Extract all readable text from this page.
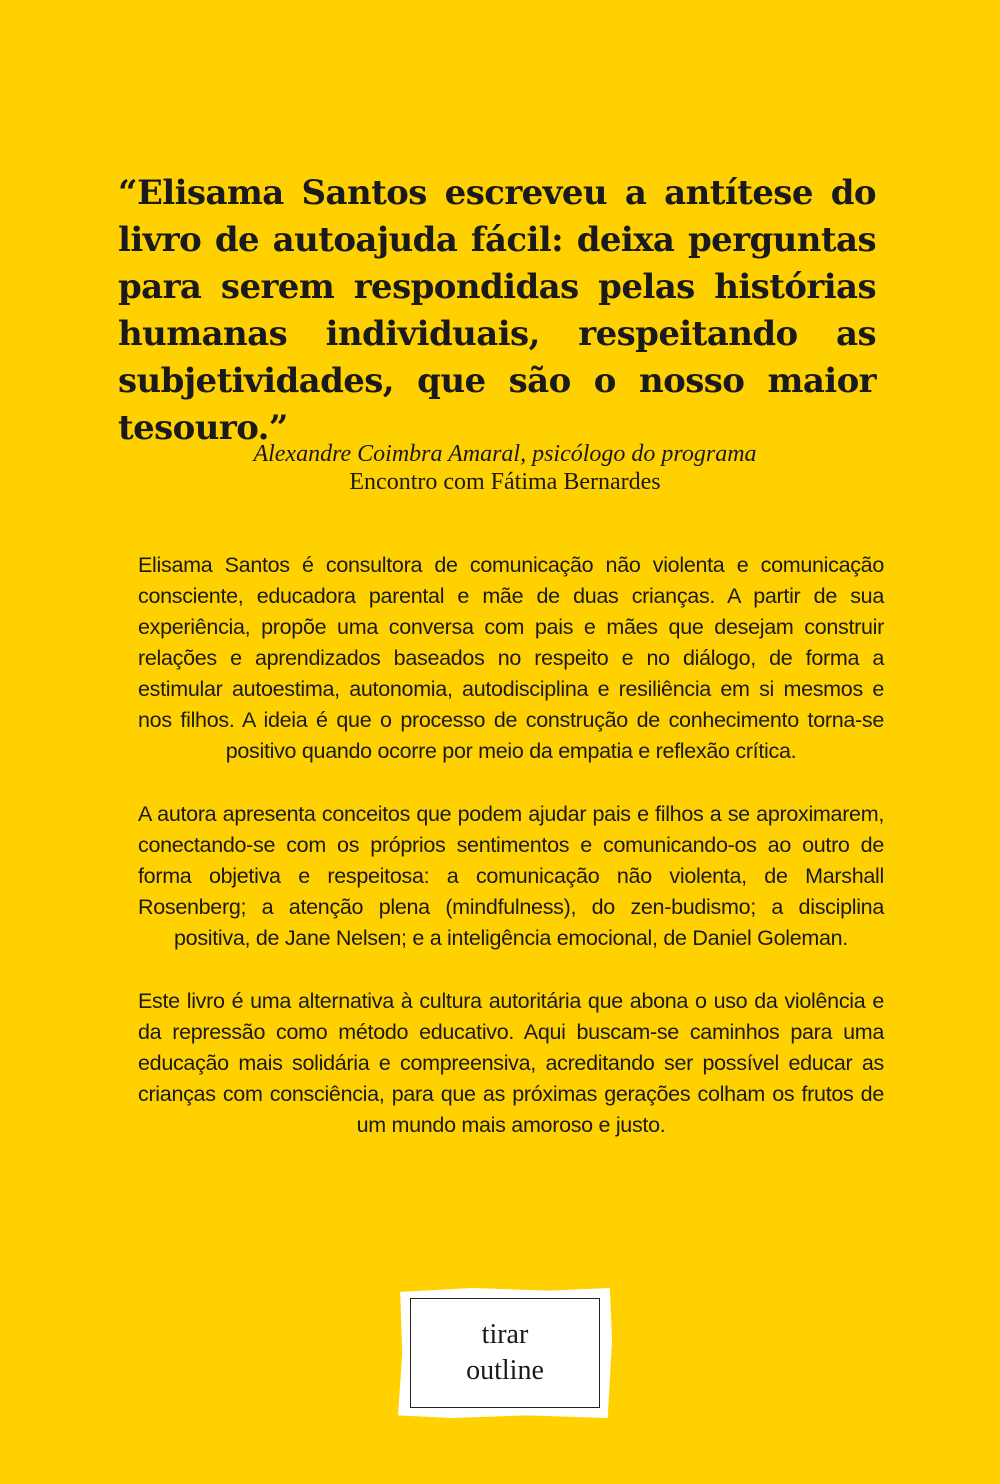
“Elisama Santos escreveu a antítese do livro de autoajuda fácil: deixa perguntas para serem respondidas pelas histórias humanas individuais, respeitando as subjetividades, que são o nosso maior tesouro.”

Alexandre Coimbra Amaral, psicólogo do programa
Encontro com Fátima Bernardes

Elisama Santos é consultora de comunicação não violenta e comunicação consciente, educadora parental e mãe de duas crianças. A partir de sua experiência, propõe uma conversa com pais e mães que desejam construir relações e aprendizados baseados no respeito e no diálogo, de forma a estimular autoestima, autonomia, autodisciplina e resiliência em si mesmos e nos filhos. A ideia é que o processo de construção de conhecimento torna-se positivo quando ocorre por meio da empatia e reflexão crítica.

A autora apresenta conceitos que podem ajudar pais e filhos a se aproximarem, conectando-se com os próprios sentimentos e comunicando-os ao outro de forma objetiva e respeitosa: a comunicação não violenta, de Marshall Rosenberg; a atenção plena (mindfulness), do zen-budismo; a disciplina positiva, de Jane Nelsen; e a inteligência emocional, de Daniel Goleman.

Este livro é uma alternativa à cultura autoritária que abona o uso da violência e da repressão como método educativo. Aqui buscam-se caminhos para uma educação mais solidária e compreensiva, acreditando ser possível educar as crianças com consciência, para que as próximas gerações colham os frutos de um mundo mais amoroso e justo.

tirar
outline
